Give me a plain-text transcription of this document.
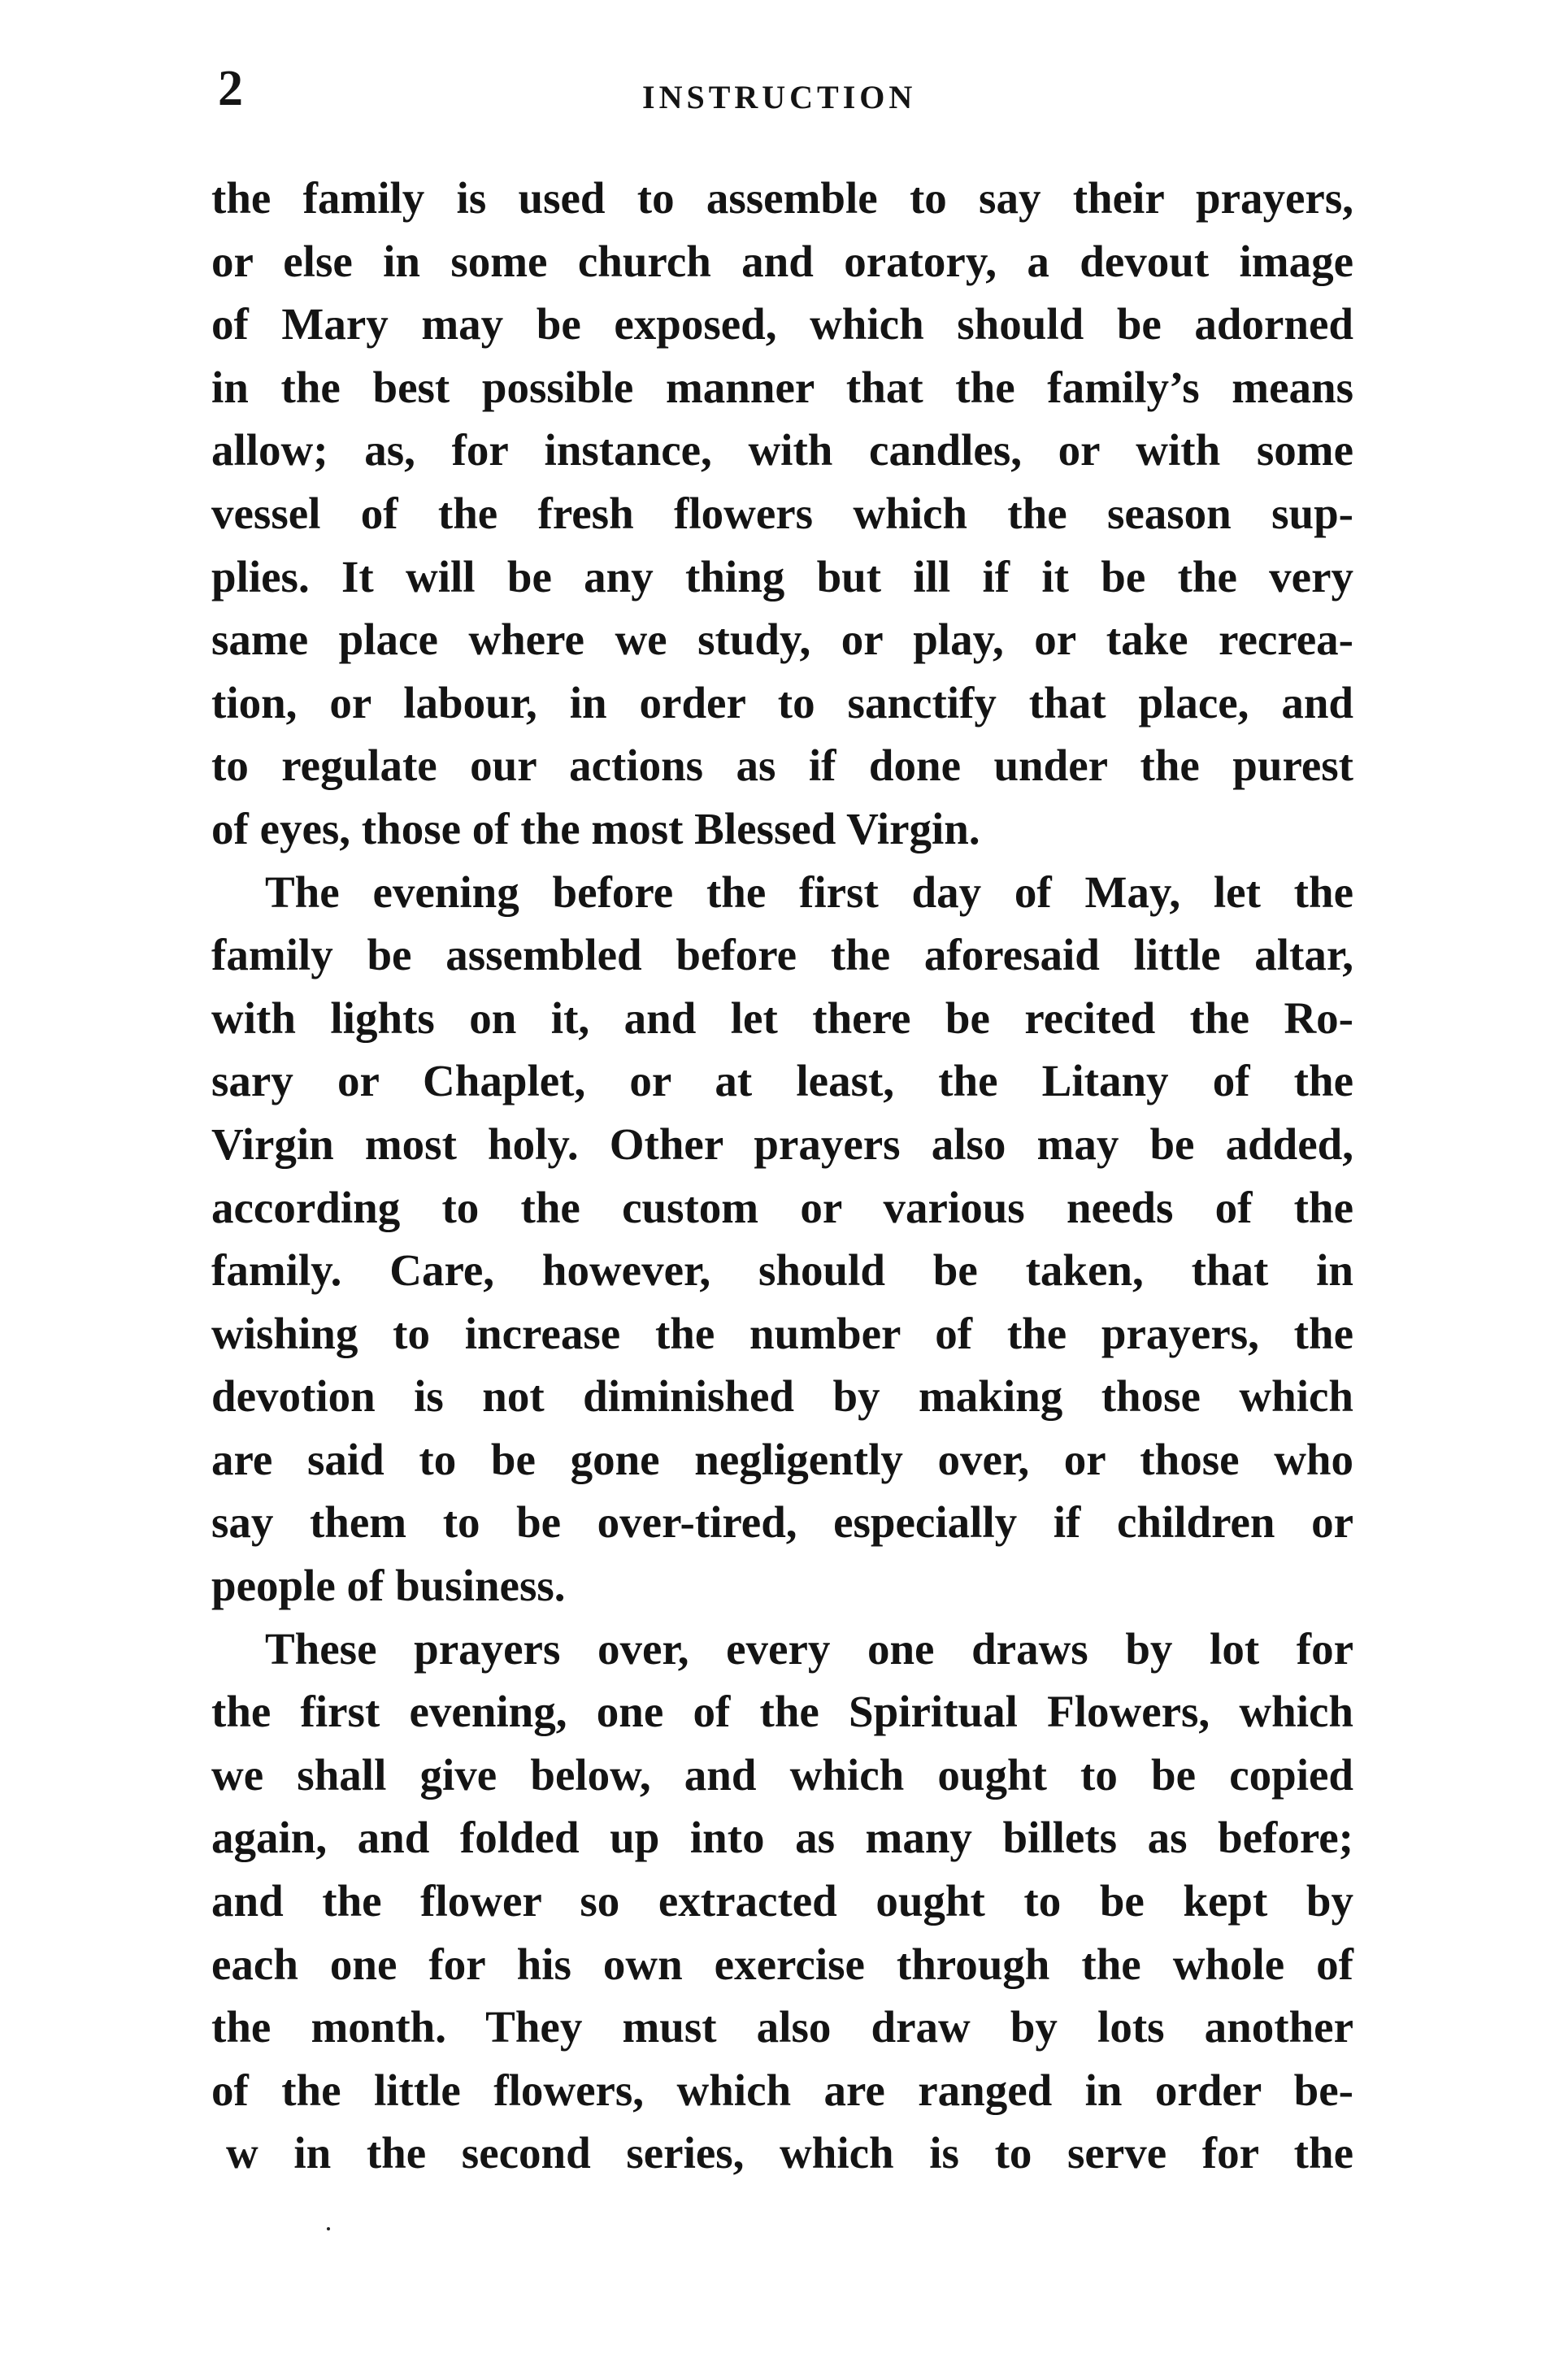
2	INSTRUCTION
the family is used to assemble to say their prayers,
or else in some church and oratory, a devout image
of Mary may be exposed, which should be adorned
in the best possible manner that the family’s means
allow; as, for instance, with candles, or with some
vessel of the fresh flowers which the season sup-
plies. It will be any thing but ill if it be the very
same place where we study, or play, or take recrea-
tion, or labour, in order to sanctify that place, and
to regulate our actions as if done under the purest
of eyes, those of the most Blessed Virgin.
The evening before the first day of May, let the
family be assembled before the aforesaid little altar,
with lights on it, and let there be recited the Ro-
sary or Chaplet, or at least, the Litany of the
Virgin most holy. Other prayers also may be added,
according to the custom or various needs of the
family. Care, however, should be taken, that in
wishing to increase the number of the prayers, the
devotion is not diminished by making those which
are said to be gone negligently over, or those who
say them to be over-tired, especially if children or
people of business.
These prayers over, every one draws by lot for
the first evening, one of the Spiritual Flowers, which
we shall give below, and which ought to be copied
again, and folded up into as many billets as before;
and the flower so extracted ought to be kept by
each one for his own exercise through the whole of
the month. They must also draw by lots another
of the little flowers, which are ranged in order be-
w in the second series, which is to serve for the
